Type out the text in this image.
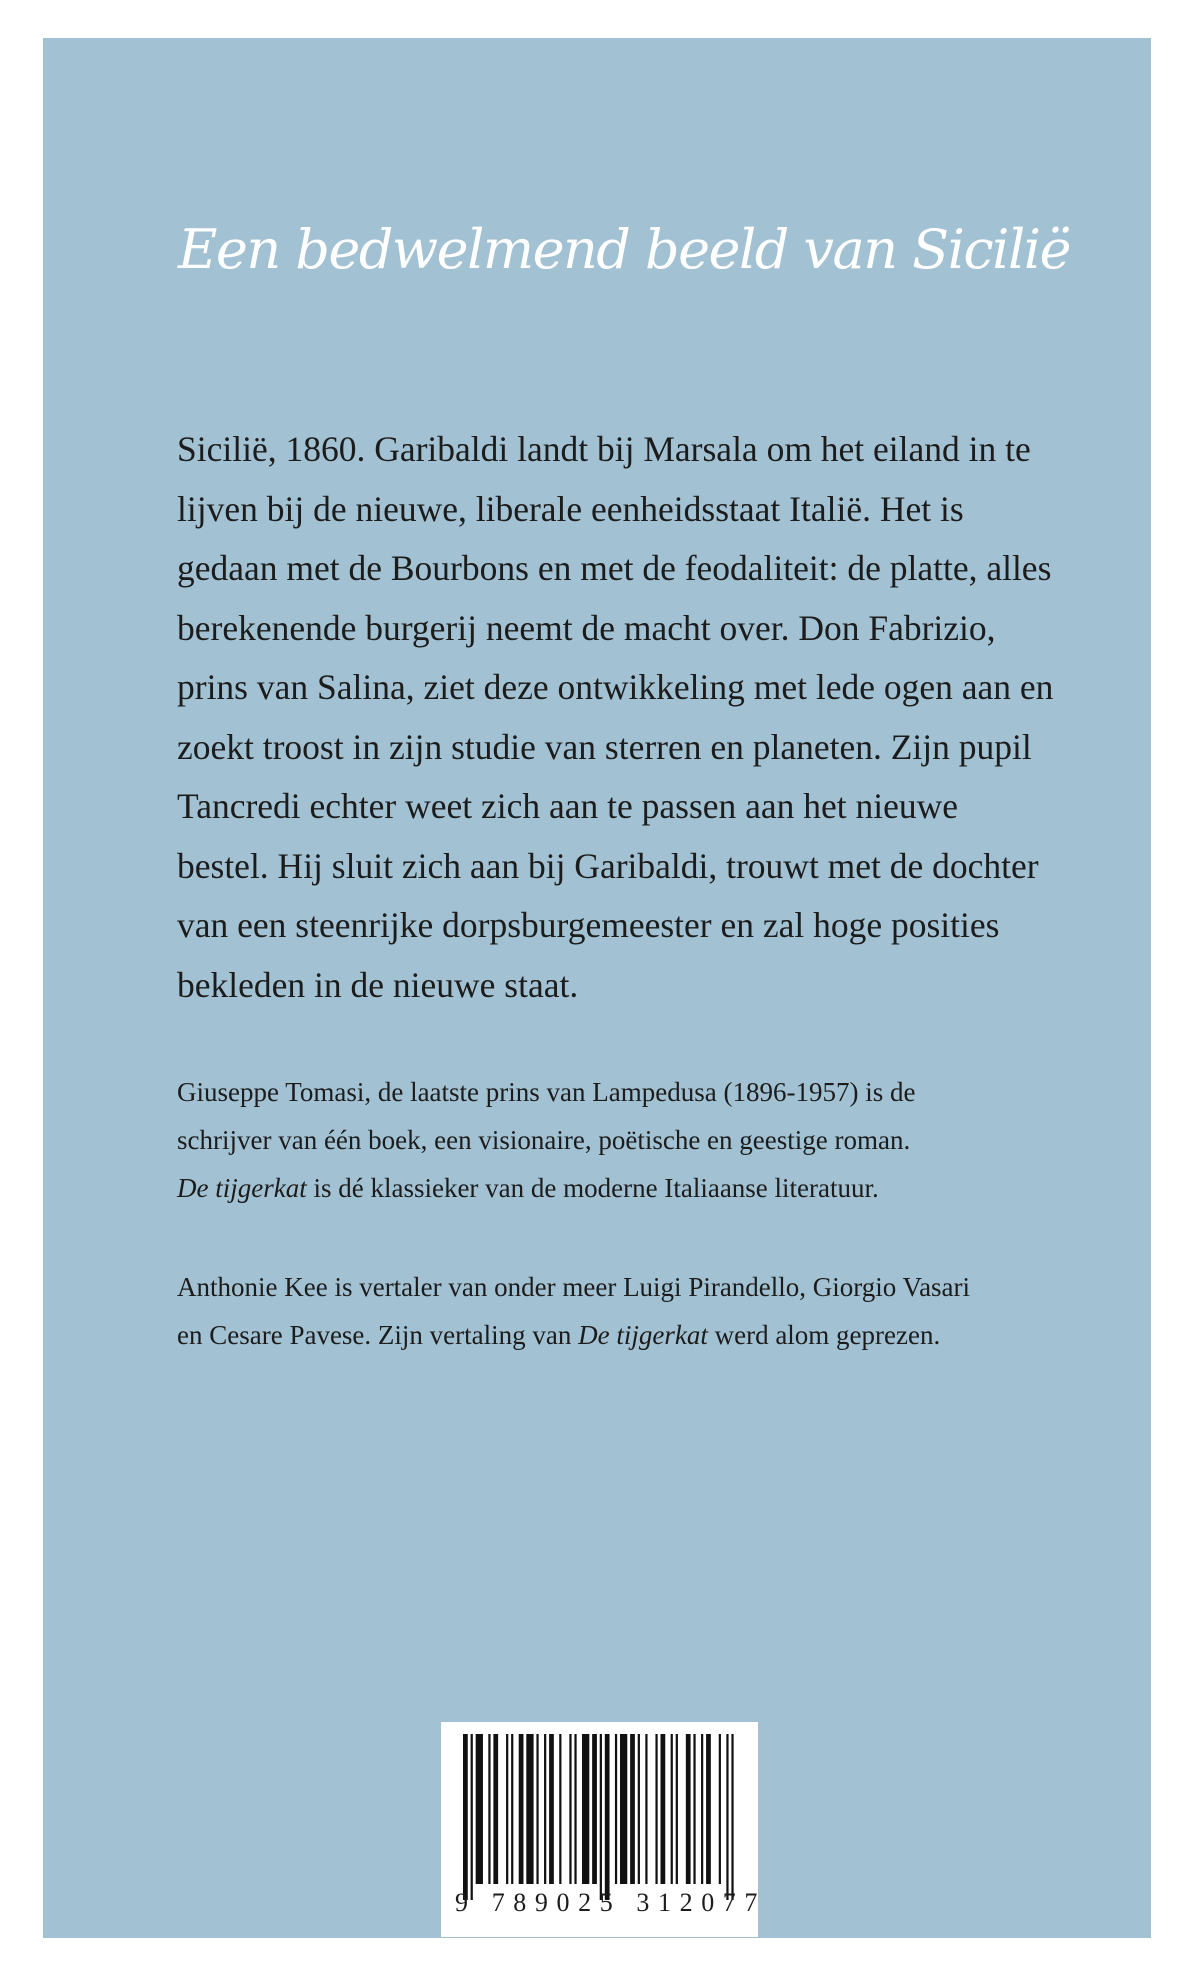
Een bedwelmend beeld van Sicilië

Sicilië, 1860. Garibaldi landt bij Marsala om het eiland in te
lijven bij de nieuwe, liberale eenheidsstaat Italië. Het is
gedaan met de Bourbons en met de feodaliteit: de platte, alles
berekenende burgerij neemt de macht over. Don Fabrizio,
prins van Salina, ziet deze ontwikkeling met lede ogen aan en
zoekt troost in zijn studie van sterren en planeten. Zijn pupil
Tancredi echter weet zich aan te passen aan het nieuwe
bestel. Hij sluit zich aan bij Garibaldi, trouwt met de dochter
van een steenrijke dorpsburgemeester en zal hoge posities
bekleden in de nieuwe staat.

Giuseppe Tomasi, de laatste prins van Lampedusa (1896-1957) is de
schrijver van één boek, een visionaire, poëtische en geestige roman.
De tijgerkat is dé klassieker van de moderne Italiaanse literatuur.

Anthonie Kee is vertaler van onder meer Luigi Pirandello, Giorgio Vasari
en Cesare Pavese. Zijn vertaling van De tijgerkat werd alom geprezen.

9 789025 312077
